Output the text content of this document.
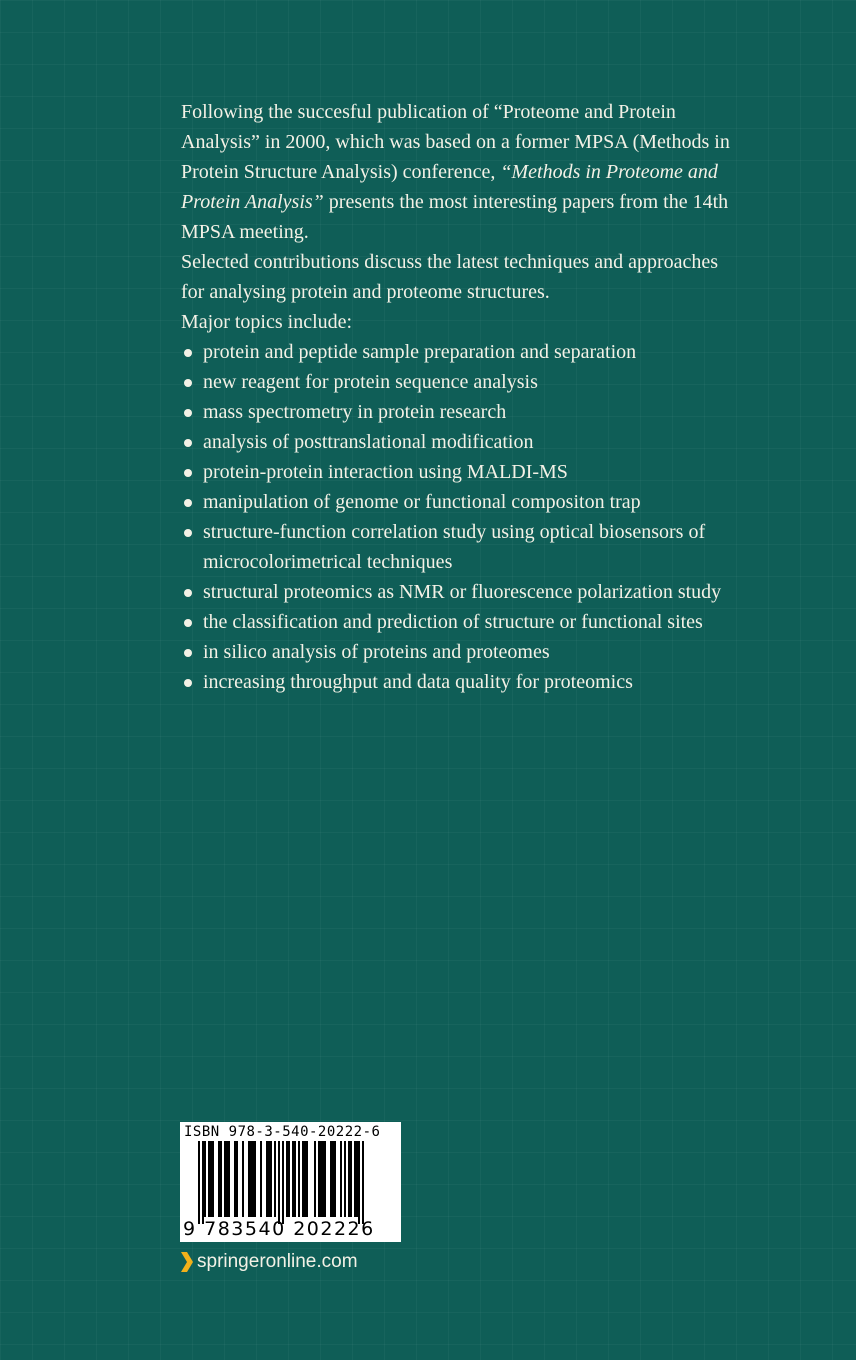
Following the succesful publication of “Proteome and Protein Analysis” in 2000, which was based on a former MPSA (Methods in Protein Structure Analysis) conference, “Methods in Proteome and Protein Analysis” presents the most interesting papers from the 14th MPSA meeting.

Selected contributions discuss the latest techniques and approaches for analysing protein and proteome structures.

Major topics include:

protein and peptide sample preparation and separation
new reagent for protein sequence analysis
mass spectrometry in protein research
analysis of posttranslational modification
protein-protein interaction using MALDI-MS
manipulation of genome or functional compositon trap
structure-function correlation study using optical biosensors of microcolorimetrical techniques
structural proteomics as NMR or fluorescence polarization study
the classification and prediction of structure or functional sites
in silico analysis of proteins and proteomes
increasing throughput and data quality for proteomics
ISBN 978-3-540-20222-6
9 783540 202226
springeronline.com
